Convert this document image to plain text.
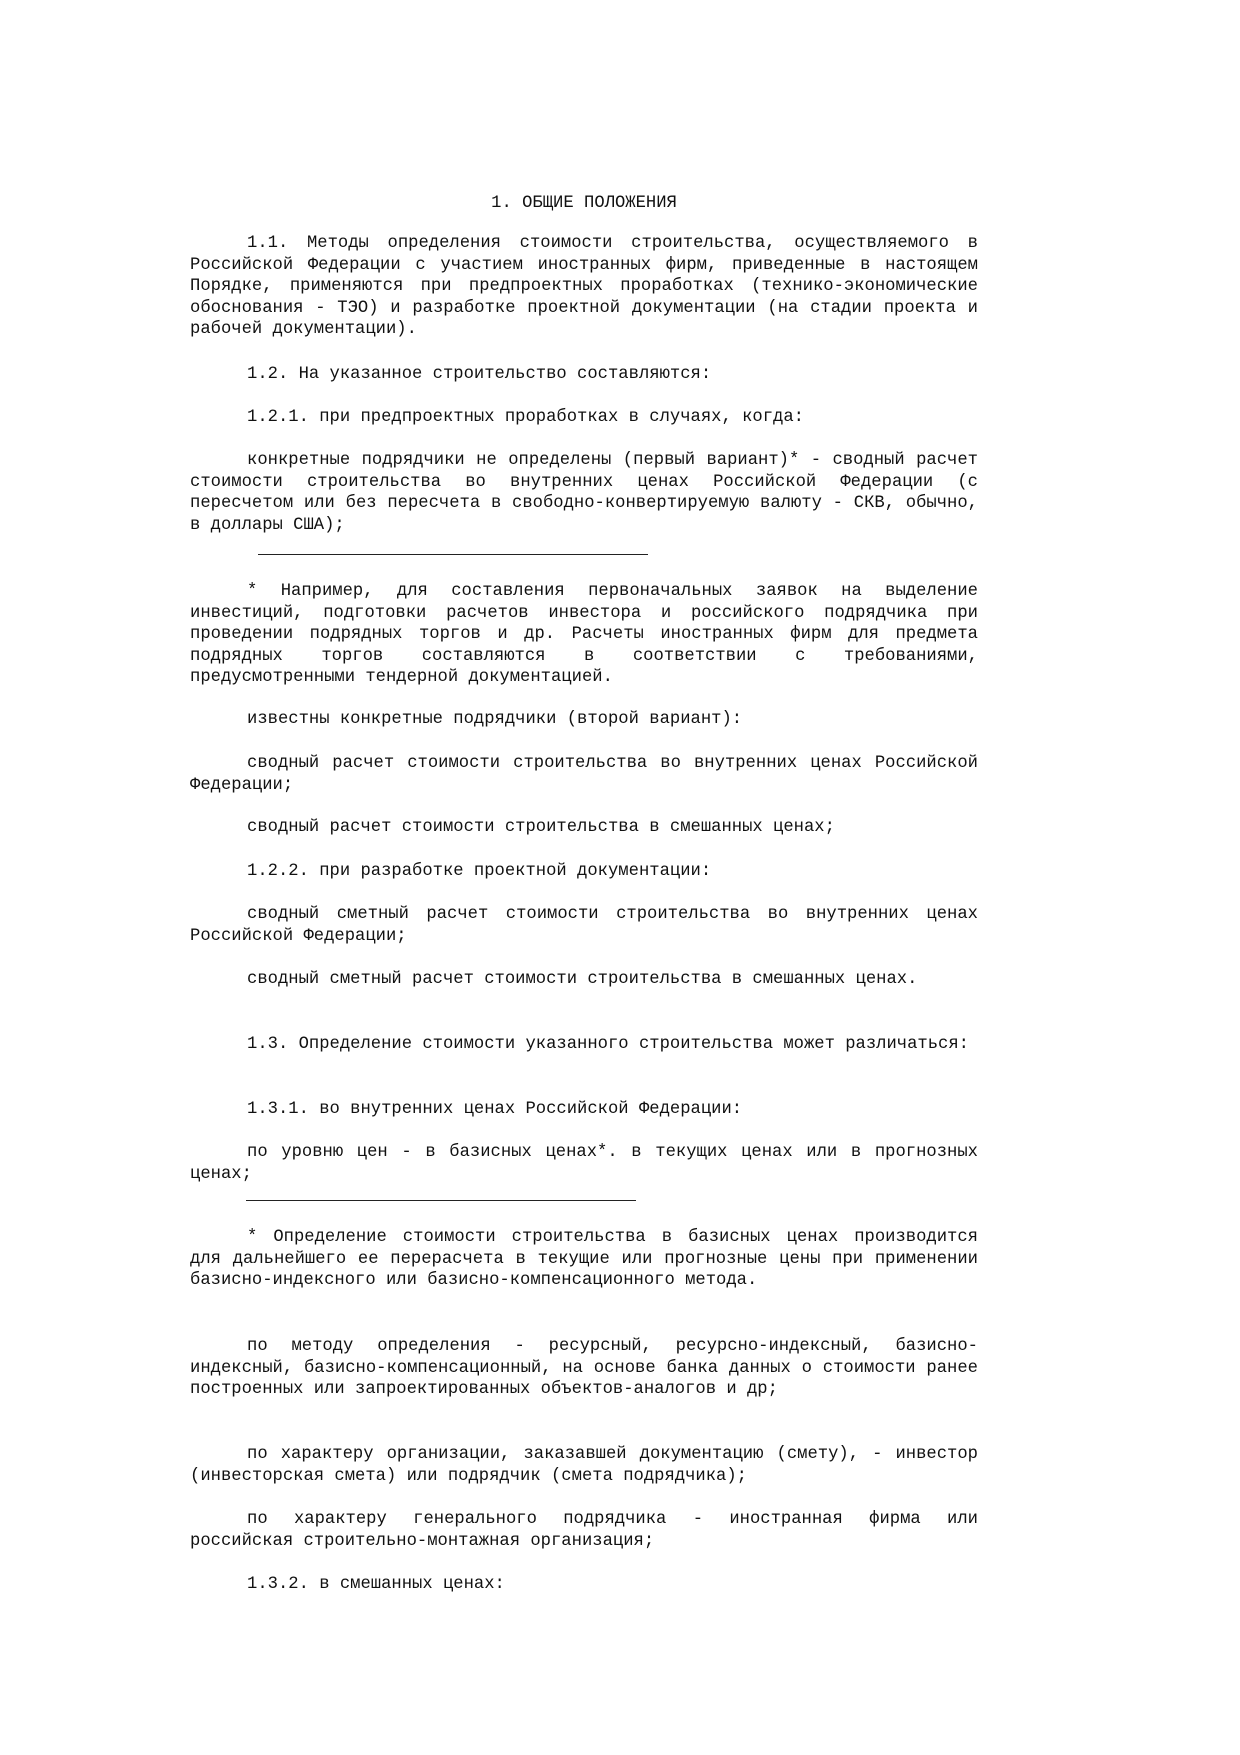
1. ОБЩИЕ ПОЛОЖЕНИЯ

1.1. Методы определения стоимости строительства, осуществляемого в Российской Федерации с участием иностранных фирм, приведенные в настоящем Порядке, применяются при предпроектных проработках (технико-экономические обоснования - ТЭО) и разработке проектной документации (на стадии проекта и рабочей документации).

1.2. На указанное строительство составляются:

1.2.1. при предпроектных проработках в случаях, когда:

конкретные подрядчики не определены (первый вариант)* - сводный расчет стоимости строительства во внутренних ценах Российской Федерации (с пересчетом или без пересчета в свободно-конвертируемую валюту - СКВ, обычно, в доллары США);

* Например, для составления первоначальных заявок на выделение инвестиций, подготовки расчетов инвестора и российского подрядчика при проведении подрядных торгов и др. Расчеты иностранных фирм для предмета подрядных торгов составляются в соответствии с требованиями, предусмотренными тендерной документацией.

известны конкретные подрядчики (второй вариант):

сводный расчет стоимости строительства во внутренних ценах Российской Федерации;

сводный расчет стоимости строительства в смешанных ценах;

1.2.2. при разработке проектной документации:

сводный сметный расчет стоимости строительства во внутренних ценах Российской Федерации;

сводный сметный расчет стоимости строительства в смешанных ценах.

1.3. Определение стоимости указанного строительства может различаться:

1.3.1. во внутренних ценах Российской Федерации:

по уровню цен - в базисных ценах*. в текущих ценах или в прогнозных ценах;

* Определение стоимости строительства в базисных ценах производится для дальнейшего ее перерасчета в текущие или прогнозные цены при применении базисно-индексного или базисно-компенсационного метода.

по методу определения - ресурсный, ресурсно-индексный, базисно-индексный, базисно-компенсационный, на основе банка данных о стоимости ранее построенных или запроектированных объектов-аналогов и др;

по характеру организации, заказавшей документацию (смету), - инвестор (инвесторская смета) или подрядчик (смета подрядчика);

по характеру генерального подрядчика - иностранная фирма или российская строительно-монтажная организация;

1.3.2. в смешанных ценах:
